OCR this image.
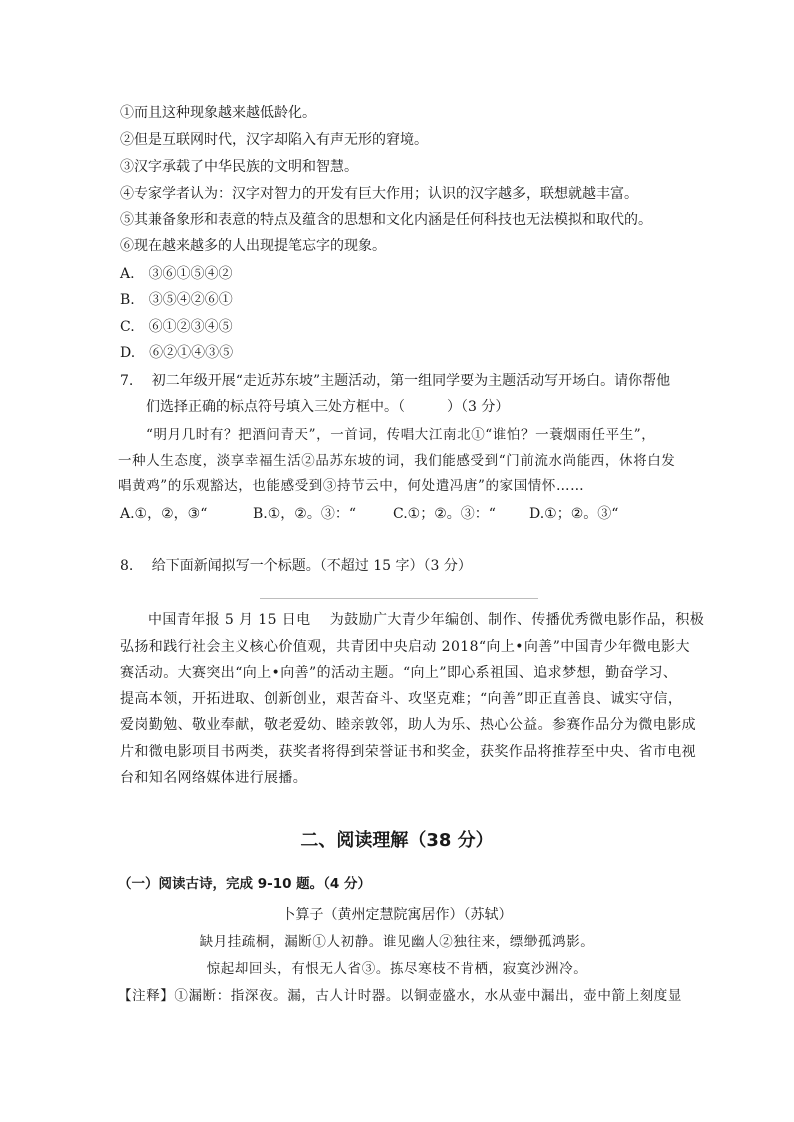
①而且这种现象越来越低龄化。
②但是互联网时代，汉字却陷入有声无形的窘境。
③汉字承载了中华民族的文明和智慧。
④专家学者认为：汉字对智力的开发有巨大作用；认识的汉字越多，联想就越丰富。
⑤其兼备象形和表意的特点及蕴含的思想和文化内涵是任何科技也无法模拟和取代的。
⑥现在越来越多的人出现提笔忘字的现象。
A.　③⑥①⑤④②
B.　③⑤④②⑥①
C.　⑥①②③④⑤
D.　⑥②①④③⑤
7.　 初二年级开展“走近苏东坡”主题活动，第一组同学要为主题活动写开场白。请你帮他
们选择正确的标点符号填入三处方框中。（　　　）（3 分）
“明月几时有？把酒问青天”，一首词，传唱大江南北①“谁怕？一蓑烟雨任平生”，
一种人生态度，淡享幸福生活②品苏东坡的词，我们能感受到“门前流水尚能西，休将白发
唱黄鸡”的乐观豁达，也能感受到③持节云中，何处遣冯唐”的家国情怀……
A.①，②，③“	B.①，②。③：“	C.①；②。③：“ D.①；②。③“
8.　 给下面新闻拟写一个标题。（不超过 15 字）（3 分）
中国青年报 5 月 15 日电　 为鼓励广大青少年编创、制作、传播优秀微电影作品，积极
弘扬和践行社会主义核心价值观，共青团中央启动 2018“向上•向善”中国青少年微电影大
赛活动。大赛突出“向上•向善”的活动主题。“向上”即心系祖国、追求梦想，勤奋学习、
提高本领，开拓进取、创新创业，艰苦奋斗、攻坚克难；“向善”即正直善良、诚实守信，
爱岗勤勉、敬业奉献，敬老爱幼、睦亲敦邻，助人为乐、热心公益。参赛作品分为微电影成
片和微电影项目书两类，获奖者将得到荣誉证书和奖金，获奖作品将推荐至中央、省市电视
台和知名网络媒体进行展播。
二、阅读理解（38 分）
（一）阅读古诗，完成 9-10 题。（4 分）
卜算子（黄州定慧院寓居作）（苏轼）
缺月挂疏桐，漏断①人初静。谁见幽人②独往来，缥缈孤鸿影。
惊起却回头，有恨无人省③。拣尽寒枝不肯栖，寂寞沙洲冷。
【注释】①漏断：指深夜。漏，古人计时器。以铜壶盛水，水从壶中漏出，壶中箭上刻度显
